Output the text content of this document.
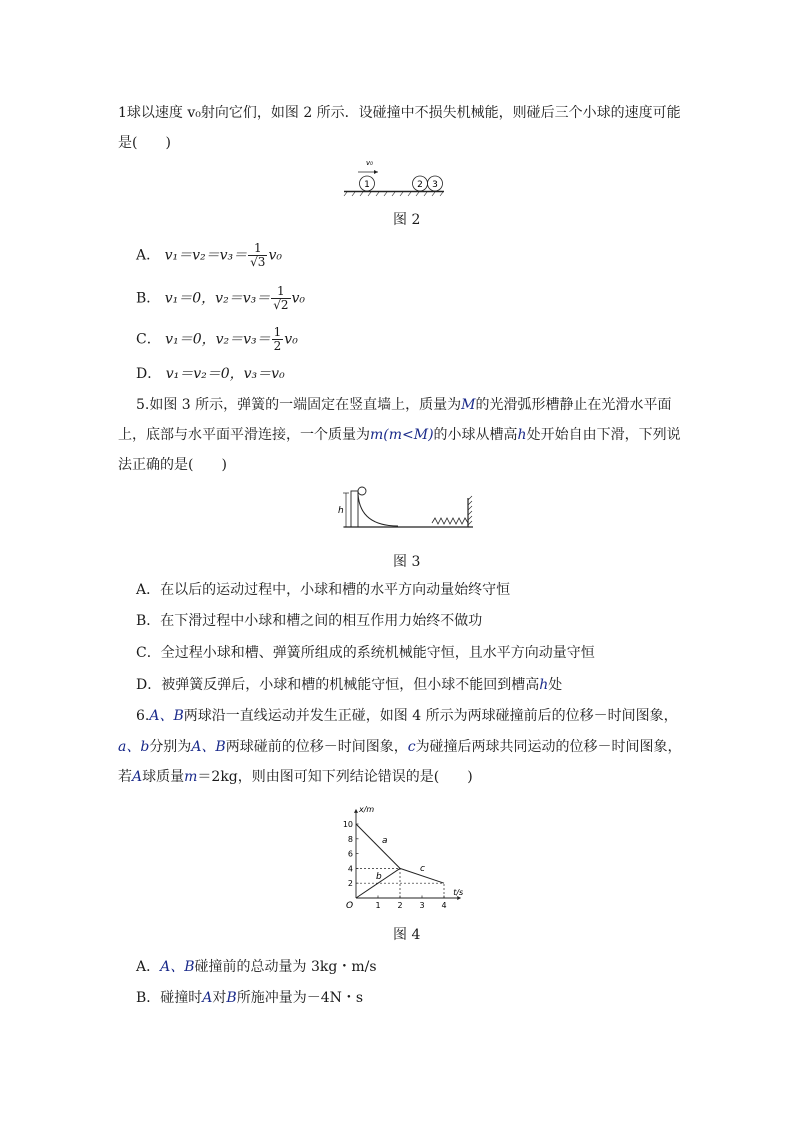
1球以速度 v₀射向它们，如图 2 所示．设碰撞中不损失机械能，则碰后三个小球的速度可能
是(　　)
v₀
1	2 3
图 2
A． $v_1=v_2=v_3= \frac{1}{√3} v_0$
B． v₁＝0，$v_2=v_3= \frac{1}{√2} v_0$
C． v₁＝0，$v_2=v_3= \frac{1}{2} v_0$
D． v₁＝v₂＝0，v₃＝v₀
5.如图 3 所示，弹簧的一端固定在竖直墙上，质量为M的光滑弧形槽静止在光滑水平面
上，底部与水平面平滑连接，一个质量为m(m<M)的小球从槽高h处开始自由下滑，下列说
法正确的是(　　)
h
图 3
A．在以后的运动过程中，小球和槽的水平方向动量始终守恒
B．在下滑过程中小球和槽之间的相互作用力始终不做功
C．全过程小球和槽、弹簧所组成的系统机械能守恒，且水平方向动量守恒
D．被弹簧反弹后，小球和槽的机械能守恒，但小球不能回到槽高h处
6.A、B两球沿一直线运动并发生正碰，如图 4 所示为两球碰撞前后的位移－时间图象，
a、b分别为A、B两球碰前的位移－时间图象，c为碰撞后两球共同运动的位移－时间图象，
若A球质量m＝2kg，则由图可知下列结论错误的是(　　)
x/m
t/s
O
2
4
6
8
10
1 2 3 4
a
b
c
图 4
A．A、B碰撞前的总动量为 3kg・m/s
B．碰撞时A对B所施冲量为－4N・s
